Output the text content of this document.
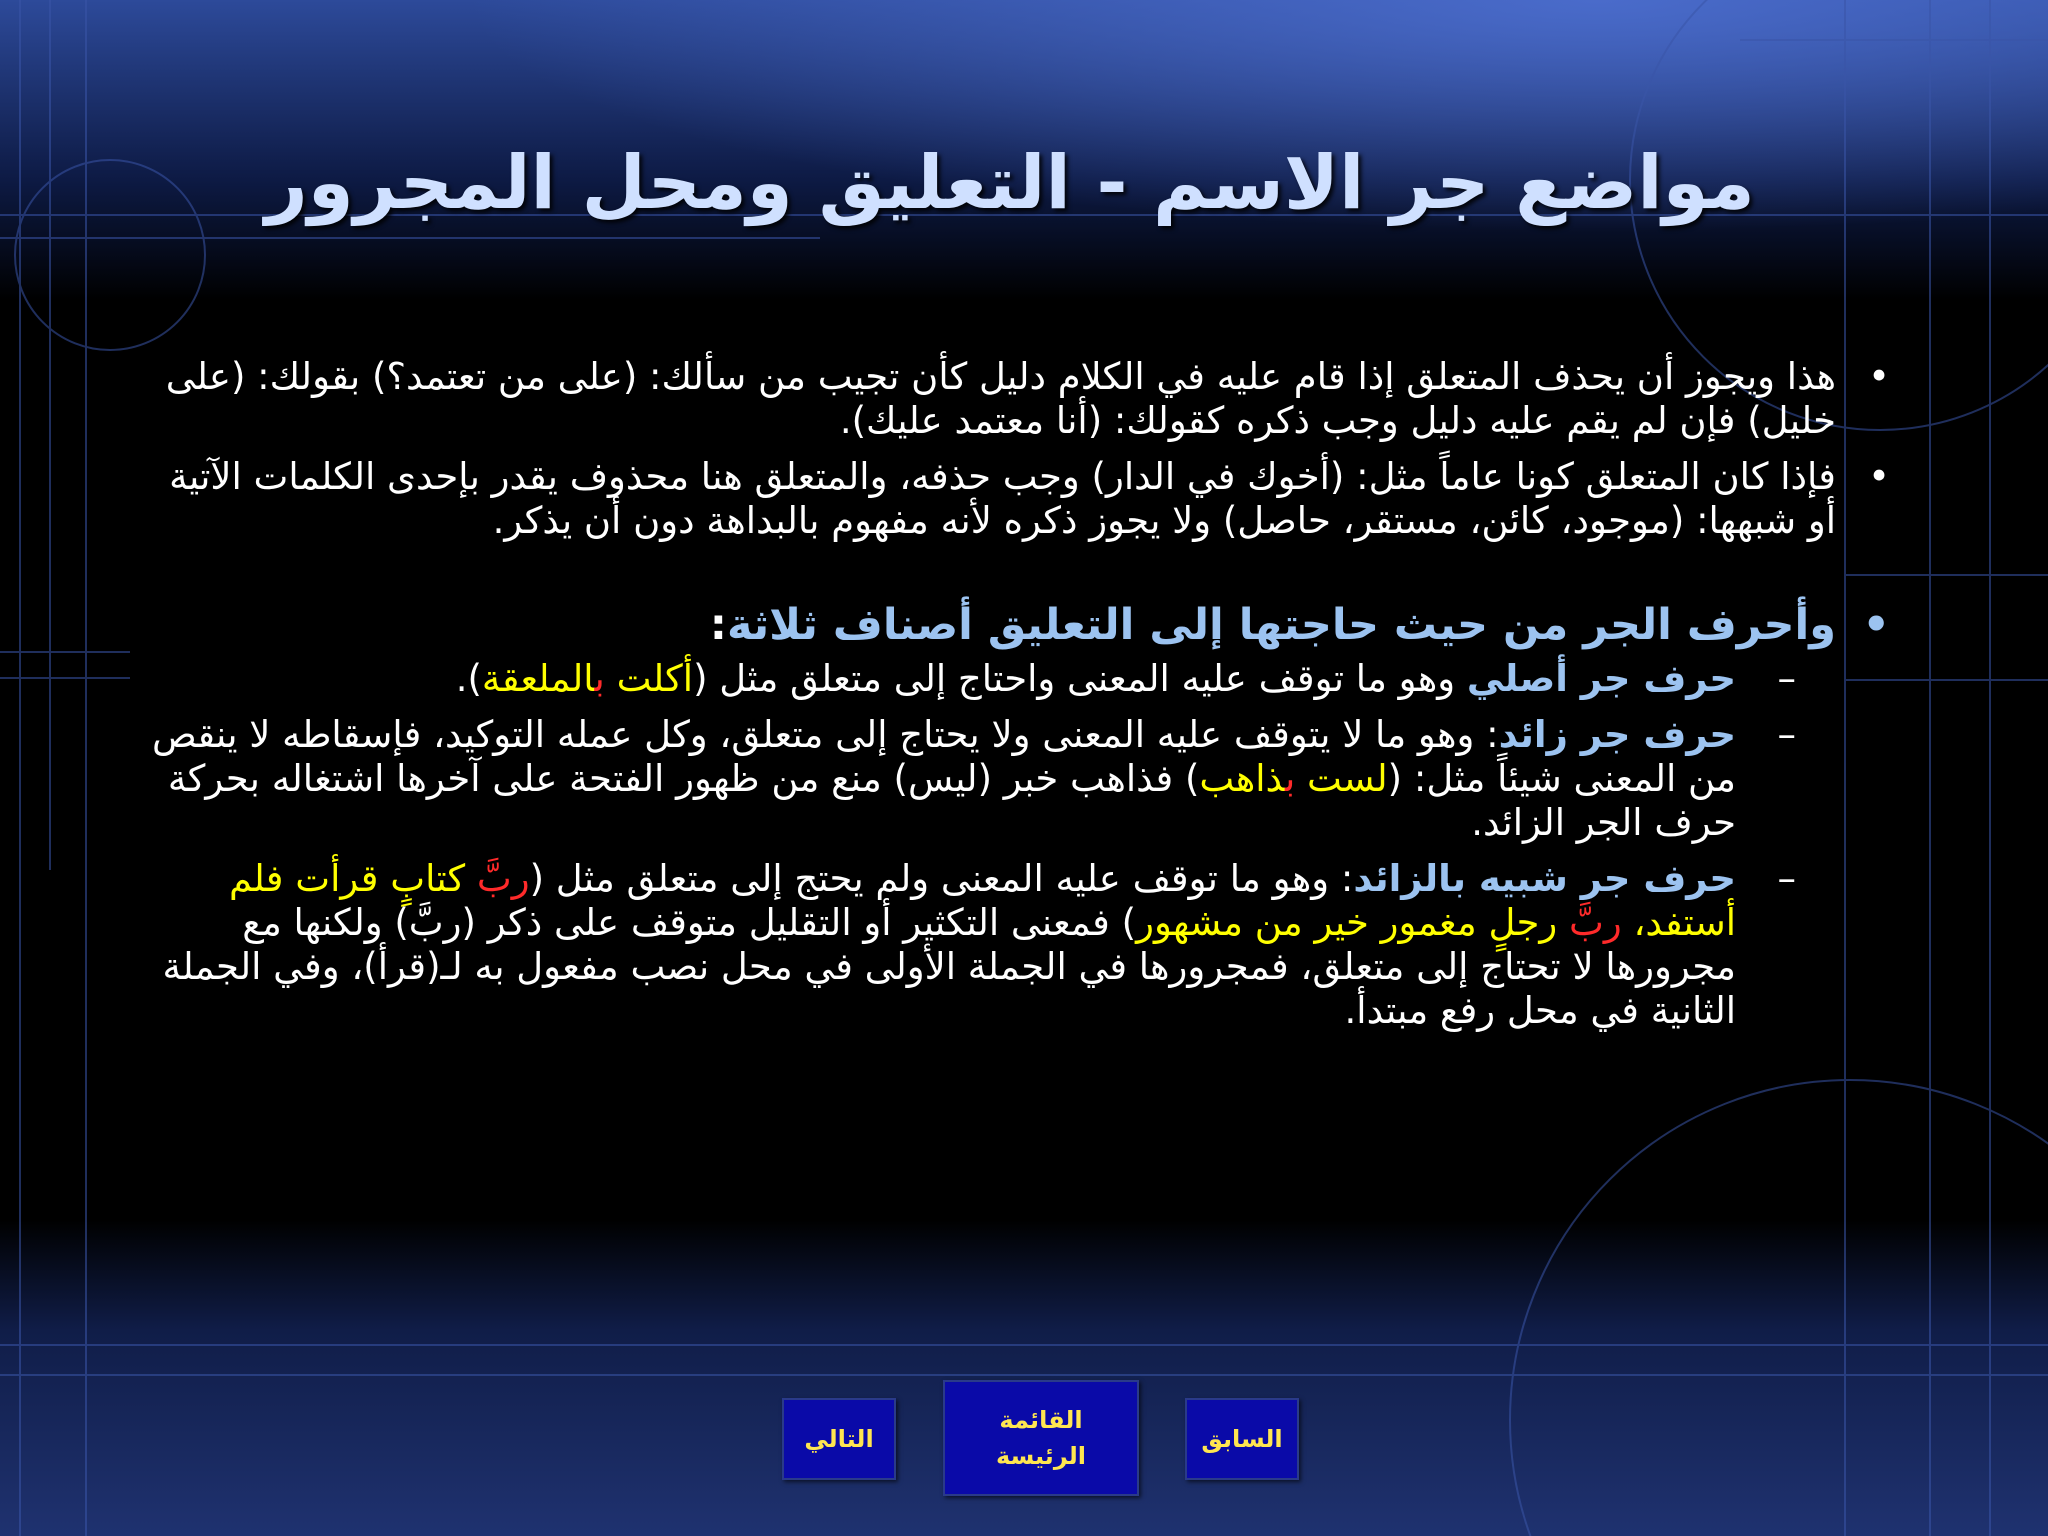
مواضع جر الاسم - التعليق ومحل المجرور
•
هذا ويجوز أن يحذف المتعلق إذا قام عليه في الكلام دليل كأن تجيب من سألك: (على من تعتمد؟) بقولك: (على خليل) فإن لم يقم عليه دليل وجب ذكره كقولك: (أنا معتمد عليك).
•
فإذا كان المتعلق كونا عاماً مثل: (أخوك في الدار) وجب حذفه، والمتعلق هنا محذوف يقدر بإحدى الكلمات الآتية أو شبهها: (موجود، كائن، مستقر، حاصل) ولا يجوز ذكره لأنه مفهوم بالبداهة دون أن يذكر.
•
وأحرف الجر من حيث حاجتها إلى التعليق أصناف ثلاثة:
–
حرف جر أصلي وهو ما توقف عليه المعنى واحتاج إلى متعلق مثل (أكلت بالملعقة).
–
حرف جر زائد: وهو ما لا يتوقف عليه المعنى ولا يحتاج إلى متعلق، وكل عمله التوكيد، فإسقاطه لا ينقص من المعنى شيئاً مثل: (لست بذاهب) فذاهب خبر (ليس) منع من ظهور الفتحة على آخرها اشتغاله بحركة حرف الجر الزائد.
–
حرف جر شبيه بالزائد: وهو ما توقف عليه المعنى ولم يحتج إلى متعلق مثل (ربَّ كتابٍ قرأت فلم أستفد، ربَّ رجلٍ مغمور خير من مشهور) فمعنى التكثير أو التقليل متوقف على ذكر (ربَّ) ولكنها مع مجرورها لا تحتاج إلى متعلق، فمجرورها في الجملة الأولى في محل نصب مفعول به لـ(قرأ)، وفي الجملة الثانية في محل رفع مبتدأ.
التالي
القائمة
الرئيسة
السابق
